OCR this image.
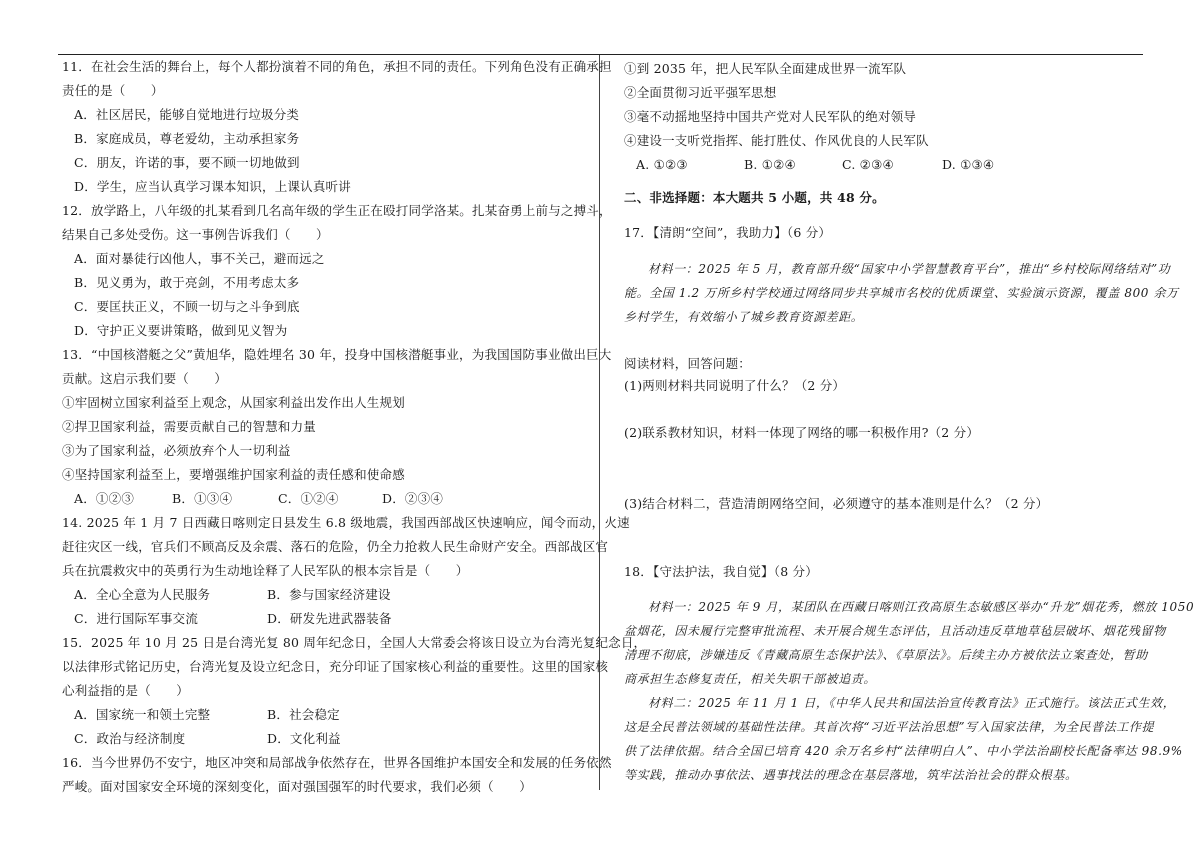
11．在社会生活的舞台上，每个人都扮演着不同的角色，承担不同的责任。下列角色没有正确承担
责任的是（　　）
A．社区居民，能够自觉地进行垃圾分类
B．家庭成员，尊老爱幼，主动承担家务
C．朋友，许诺的事，要不顾一切地做到
D．学生，应当认真学习课本知识，上课认真听讲
12．放学路上，八年级的扎某看到几名高年级的学生正在殴打同学洛某。扎某奋勇上前与之搏斗，
结果自己多处受伤。这一事例告诉我们（　　）
A．面对暴徒行凶他人，事不关己，避而远之
B．见义勇为，敢于亮剑，不用考虑太多
C．要匡扶正义，不顾一切与之斗争到底
D．守护正义要讲策略，做到见义智为
13．“中国核潜艇之父”黄旭华，隐姓埋名 30 年，投身中国核潜艇事业，为我国国防事业做出巨大
贡献。这启示我们要（　　）
①牢固树立国家利益至上观念，从国家利益出发作出人生规划
②捍卫国家利益，需要贡献自己的智慧和力量
③为了国家利益，必须放弃个人一切利益
④坚持国家利益至上，要增强维护国家利益的责任感和使命感
A．①②③	B．①③④	C．①②④	D．②③④
14. 2025 年 1 月 7 日西藏日喀则定日县发生 6.8 级地震，我国西部战区快速响应，闻令而动，火速
赶往灾区一线，官兵们不顾高反及余震、落石的危险，仍全力抢救人民生命财产安全。西部战区官
兵在抗震救灾中的英勇行为生动地诠释了人民军队的根本宗旨是（　　）
A．全心全意为人民服务	B．参与国家经济建设
C．进行国际军事交流	D．研发先进武器装备
15．2025 年 10 月 25 日是台湾光复 80 周年纪念日，全国人大常委会将该日设立为台湾光复纪念日，
以法律形式铭记历史，台湾光复及设立纪念日，充分印证了国家核心利益的重要性。这里的国家核
心利益指的是（　　）
A．国家统一和领土完整	B．社会稳定
C．政治与经济制度	D．文化利益
16．当今世界仍不安宁，地区冲突和局部战争依然存在，世界各国维护本国安全和发展的任务依然
严峻。面对国家安全环境的深刻变化，面对强国强军的时代要求，我们必须（　　）
①到 2035 年，把人民军队全面建成世界一流军队
②全面贯彻习近平强军思想
③毫不动摇地坚持中国共产党对人民军队的绝对领导
④建设一支听党指挥、能打胜仗、作风优良的人民军队
A. ①②③	B. ①②④	C. ②③④	D. ①③④
二、非选择题：本大题共 5 小题，共 48 分。
17．【清朗“空间”，我助力】（6 分）
材料一：2025 年 5 月，教育部升级“国家中小学智慧教育平台”，推出“乡村校际网络结对”功
能。全国 1.2 万所乡村学校通过网络同步共享城市名校的优质课堂、实验演示资源，覆盖 800 余万
乡村学生，有效缩小了城乡教育资源差距。
阅读材料，回答问题：
(1)两则材料共同说明了什么？（2 分）
(2)联系教材知识，材料一体现了网络的哪一积极作用?（2 分）
(3)结合材料二，营造清朗网络空间，必须遵守的基本准则是什么？（2 分）
18．【守法护法，我自觉】（8 分）
材料一：2025 年 9 月，某团队在西藏日喀则江孜高原生态敏感区举办“升龙”烟花秀，燃放 1050
盆烟花，因未履行完整审批流程、未开展合规生态评估，且活动违反草地草毡层破坏、烟花残留物
清理不彻底，涉嫌违反《青藏高原生态保护法》、《草原法》。后续主办方被依法立案查处，暂助
商承担生态修复责任，相关失职干部被追责。
材料二：2025 年 11 月 1 日，《中华人民共和国法治宣传教育法》正式施行。该法正式生效，
这是全民普法领域的基础性法律。其首次将“习近平法治思想”写入国家法律，为全民普法工作提
供了法律依据。结合全国已培育 420 余万名乡村“法律明白人”、中小学法治副校长配备率达 98.9%
等实践，推动办事依法、遇事找法的理念在基层落地，筑牢法治社会的群众根基。
